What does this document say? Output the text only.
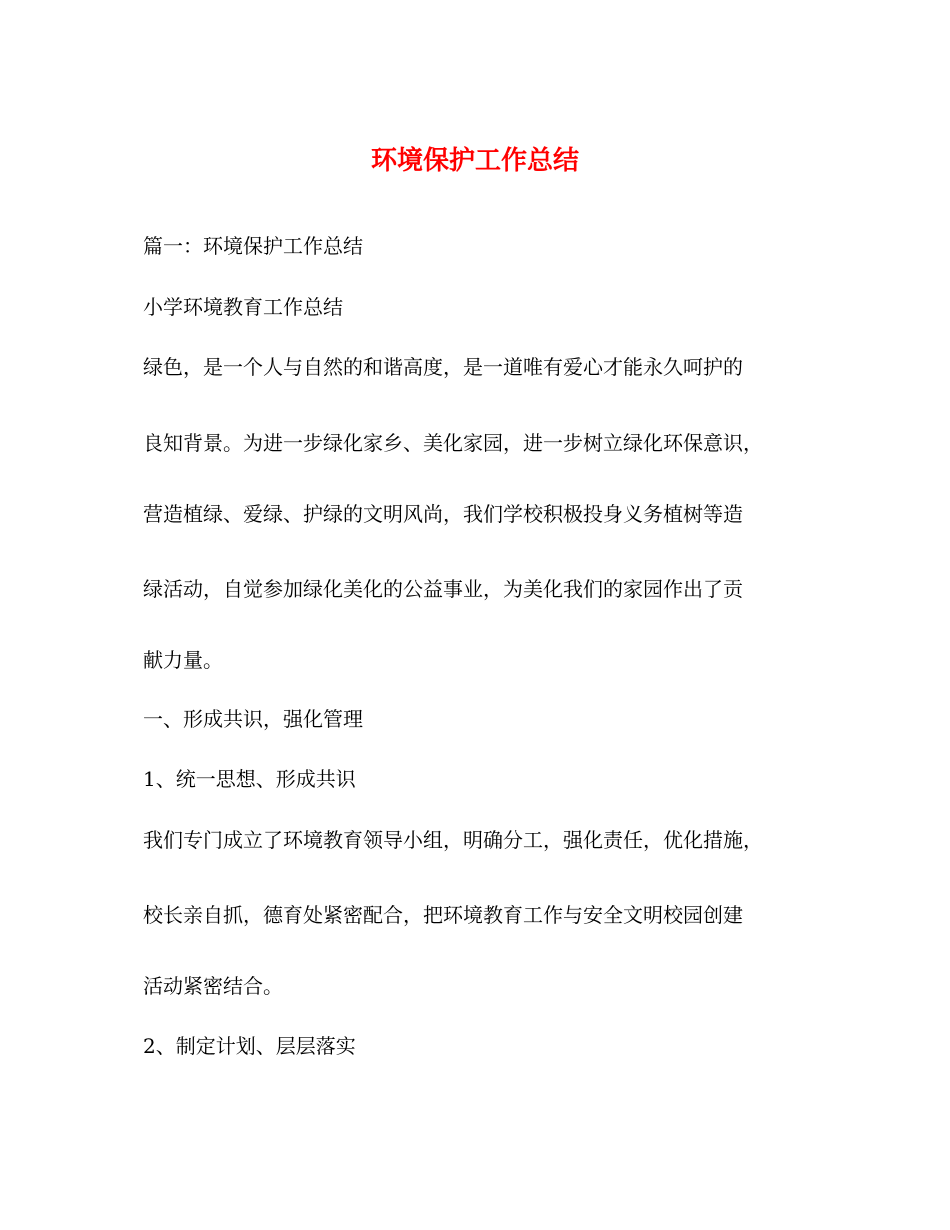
环境保护工作总结
篇一：环境保护工作总结
小学环境教育工作总结
绿色，是一个人与自然的和谐高度，是一道唯有爱心才能永久呵护的
良知背景。为进一步绿化家乡、美化家园，进一步树立绿化环保意识，
营造植绿、爱绿、护绿的文明风尚，我们学校积极投身义务植树等造
绿活动，自觉参加绿化美化的公益事业，为美化我们的家园作出了贡
献力量。
一、形成共识，强化管理
1、统一思想、形成共识
我们专门成立了环境教育领导小组，明确分工，强化责任，优化措施，
校长亲自抓，德育处紧密配合，把环境教育工作与安全文明校园创建
活动紧密结合。
2、制定计划、层层落实
